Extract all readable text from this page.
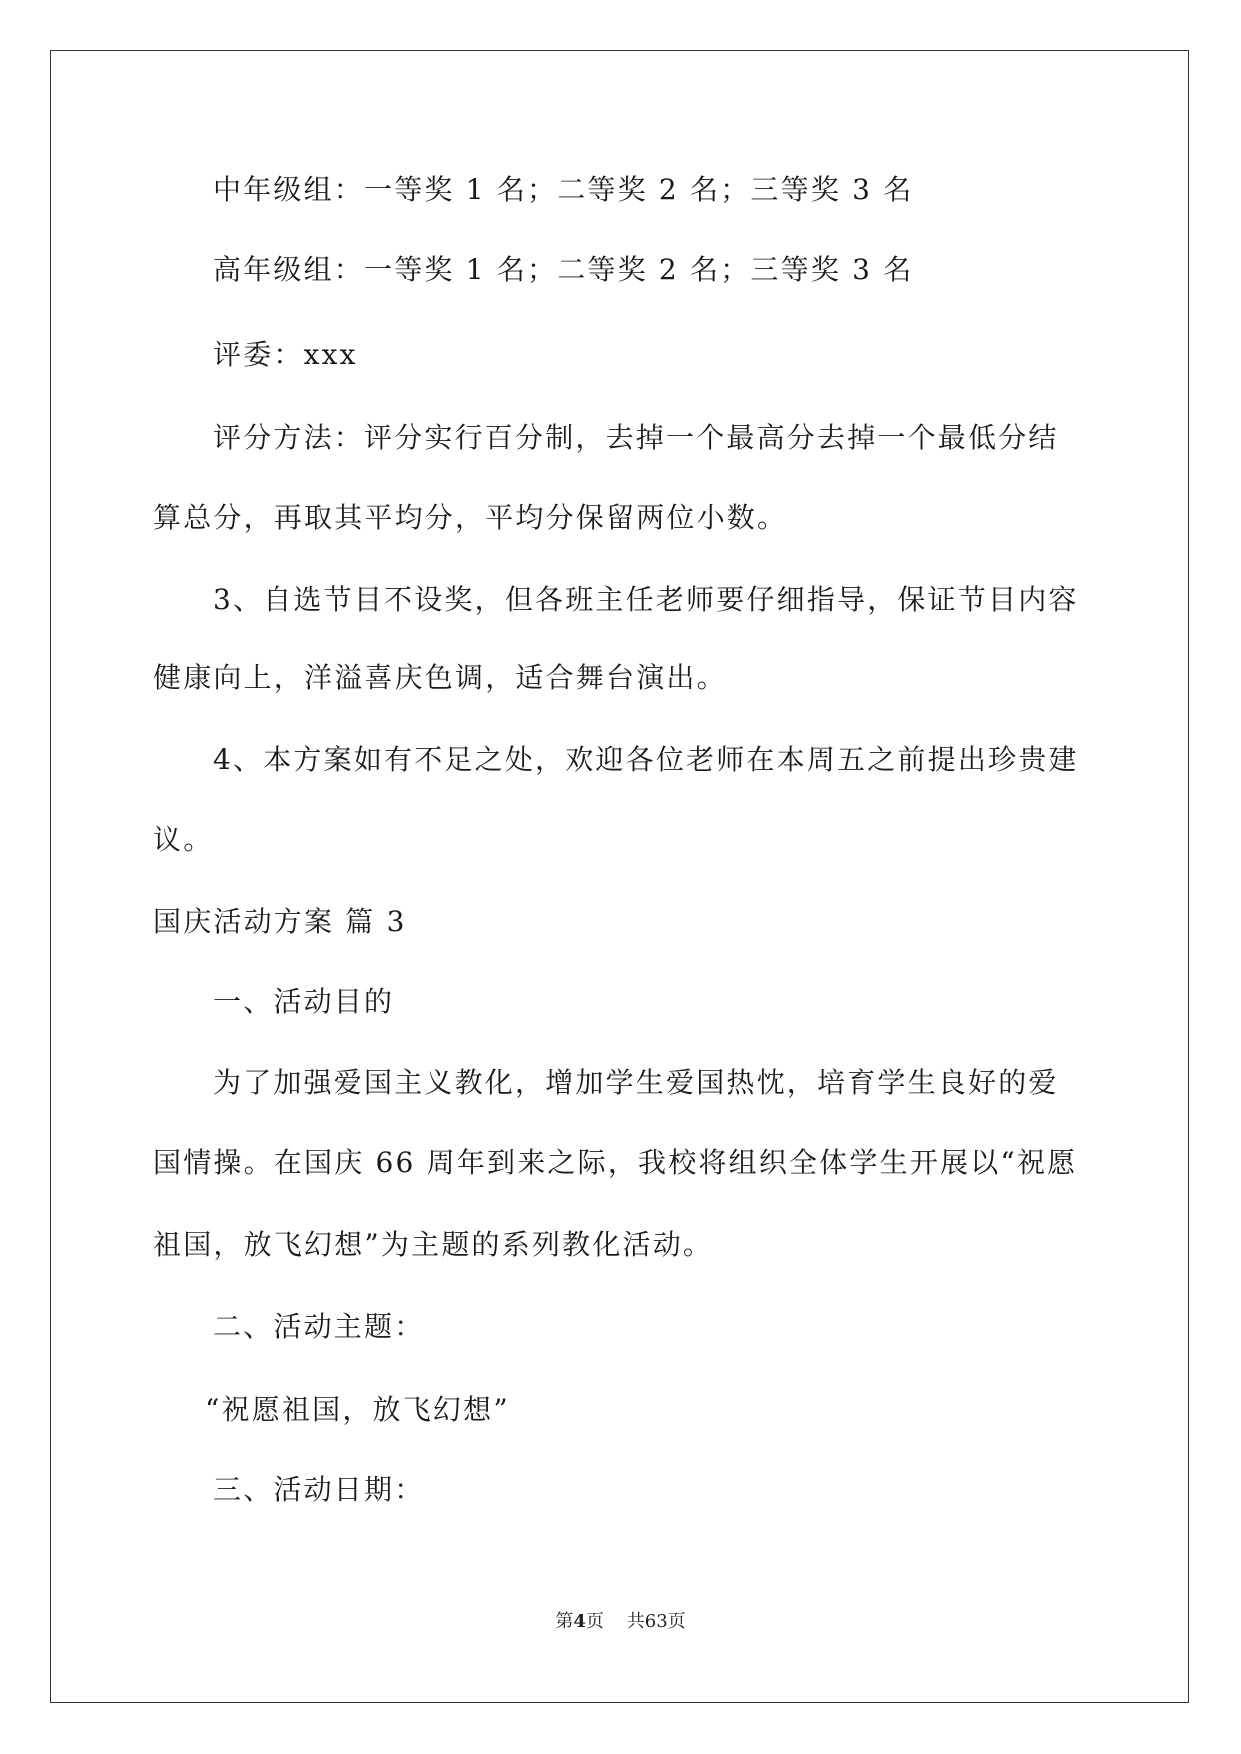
中年级组：一等奖 1 名；二等奖 2 名；三等奖 3 名
高年级组：一等奖 1 名；二等奖 2 名；三等奖 3 名
评委：xxx
评分方法：评分实行百分制，去掉一个最高分去掉一个最低分结
算总分，再取其平均分，平均分保留两位小数。
3、自选节目不设奖，但各班主任老师要仔细指导，保证节目内容
健康向上，洋溢喜庆色调，适合舞台演出。
4、本方案如有不足之处，欢迎各位老师在本周五之前提出珍贵建
议。
国庆活动方案 篇 3
一、活动目的
为了加强爱国主义教化，增加学生爱国热忱，培育学生良好的爱
国情操。在国庆 66 周年到来之际，我校将组织全体学生开展以“祝愿
祖国，放飞幻想”为主题的系列教化活动。
二、活动主题：
“祝愿祖国，放飞幻想”
三、活动日期：
第4页 共63页
